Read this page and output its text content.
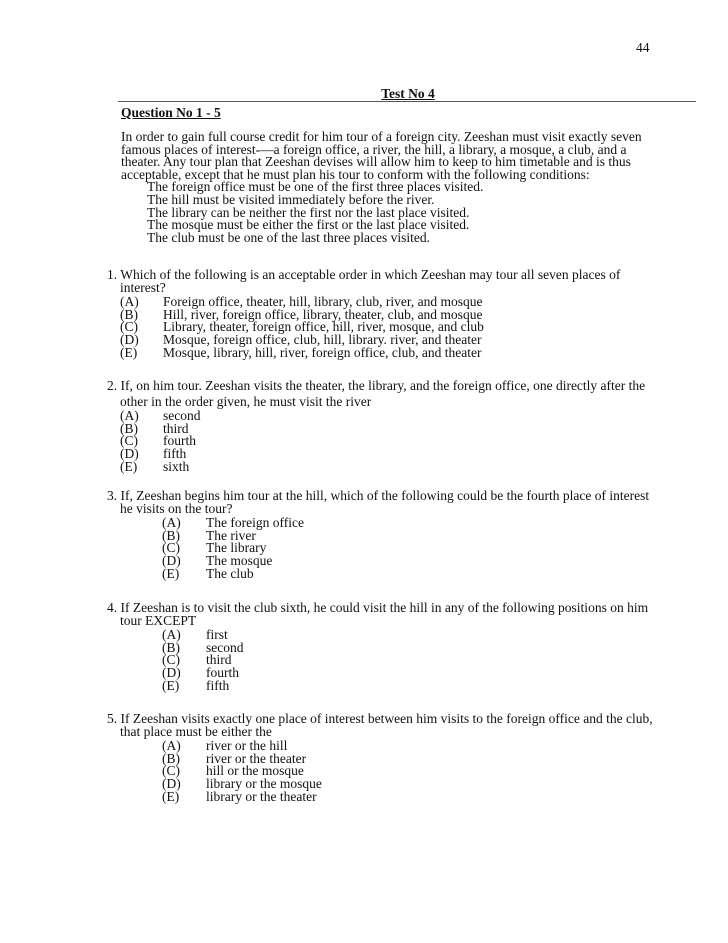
44
Test No 4
Question No 1 - 5
In order to gain full course credit for him tour of a foreign city. Zeeshan must visit exactly seven
famous places of interest-—a foreign office, a river, the hill, a library, a mosque, a club, and a
theater. Any tour plan that Zeeshan devises will allow him to keep to him timetable and is thus
acceptable, except that he must plan his tour to conform with the following conditions:
The foreign office must be one of the first three places visited.
The hill must be visited immediately before the river.
The library can be neither the first nor the last place visited.
The mosque must be either the first or the last place visited.
The club must be one of the last three places visited.
1. Which of the following is an acceptable order in which Zeeshan may tour all seven places of
interest?
(A) Foreign office, theater, hill, library, club, river, and mosque
(B) Hill, river, foreign office, library, theater, club, and mosque
(C) Library, theater, foreign office, hill, river, mosque, and club
(D) Mosque, foreign office, club, hill, library. river, and theater
(E) Mosque, library, hill, river, foreign office, club, and theater
2. If, on him tour. Zeeshan visits the theater, the library, and the foreign office, one directly after the
other in the order given, he must visit the river
(A) second
(B) third
(C) fourth
(D) fifth
(E) sixth
3. If, Zeeshan begins him tour at the hill, which of the following could be the fourth place of interest
he visits on the tour?
(A) The foreign office
(B) The river
(C) The library
(D) The mosque
(E) The club
4. If Zeeshan is to visit the club sixth, he could visit the hill in any of the following positions on him
tour EXCEPT
(A) first
(B) second
(C) third
(D) fourth
(E) fifth
5. If Zeeshan visits exactly one place of interest between him visits to the foreign office and the club,
that place must be either the
(A) river or the hill
(B) river or the theater
(C) hill or the mosque
(D) library or the mosque
(E) library or the theater
